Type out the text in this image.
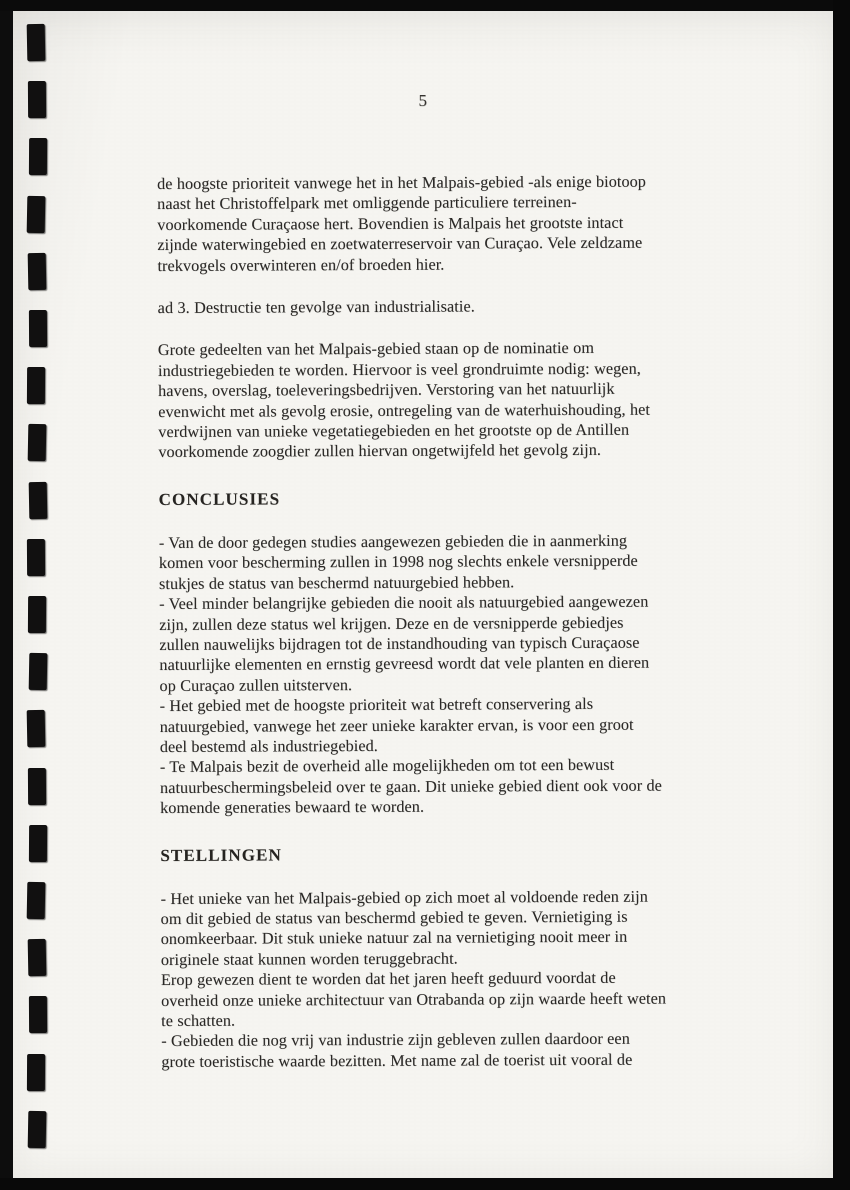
5
de hoogste prioriteit vanwege het in het Malpais-gebied -als enige biotoop
naast het Christoffelpark met omliggende particuliere terreinen-
voorkomende Curaçaose hert. Bovendien is Malpais het grootste intact
zijnde waterwingebied en zoetwaterreservoir van Curaçao. Vele zeldzame
trekvogels overwinteren en/of broeden hier.
ad 3. Destructie ten gevolge van industrialisatie.
Grote gedeelten van het Malpais-gebied staan op de nominatie om
industriegebieden te worden. Hiervoor is veel grondruimte nodig: wegen,
havens, overslag, toeleveringsbedrijven. Verstoring van het natuurlijk
evenwicht met als gevolg erosie, ontregeling van de waterhuishouding, het
verdwijnen van unieke vegetatiegebieden en het grootste op de Antillen
voorkomende zoogdier zullen hiervan ongetwijfeld het gevolg zijn.
CONCLUSIES
- Van de door gedegen studies aangewezen gebieden die in aanmerking
komen voor bescherming zullen in 1998 nog slechts enkele versnipperde
stukjes de status van beschermd natuurgebied hebben.
- Veel minder belangrijke gebieden die nooit als natuurgebied aangewezen
zijn, zullen deze status wel krijgen. Deze en de versnipperde gebiedjes
zullen nauwelijks bijdragen tot de instandhouding van typisch Curaçaose
natuurlijke elementen en ernstig gevreesd wordt dat vele planten en dieren
op Curaçao zullen uitsterven.
- Het gebied met de hoogste prioriteit wat betreft conservering als
natuurgebied, vanwege het zeer unieke karakter ervan, is voor een groot
deel bestemd als industriegebied.
- Te Malpais bezit de overheid alle mogelijkheden om tot een bewust
natuurbeschermingsbeleid over te gaan. Dit unieke gebied dient ook voor de
komende generaties bewaard te worden.
STELLINGEN
- Het unieke van het Malpais-gebied op zich moet al voldoende reden zijn
om dit gebied de status van beschermd gebied te geven. Vernietiging is
onomkeerbaar. Dit stuk unieke natuur zal na vernietiging nooit meer in
originele staat kunnen worden teruggebracht.
Erop gewezen dient te worden dat het jaren heeft geduurd voordat de
overheid onze unieke architectuur van Otrabanda op zijn waarde heeft weten
te schatten.
- Gebieden die nog vrij van industrie zijn gebleven zullen daardoor een
grote toeristische waarde bezitten. Met name zal de toerist uit vooral de
